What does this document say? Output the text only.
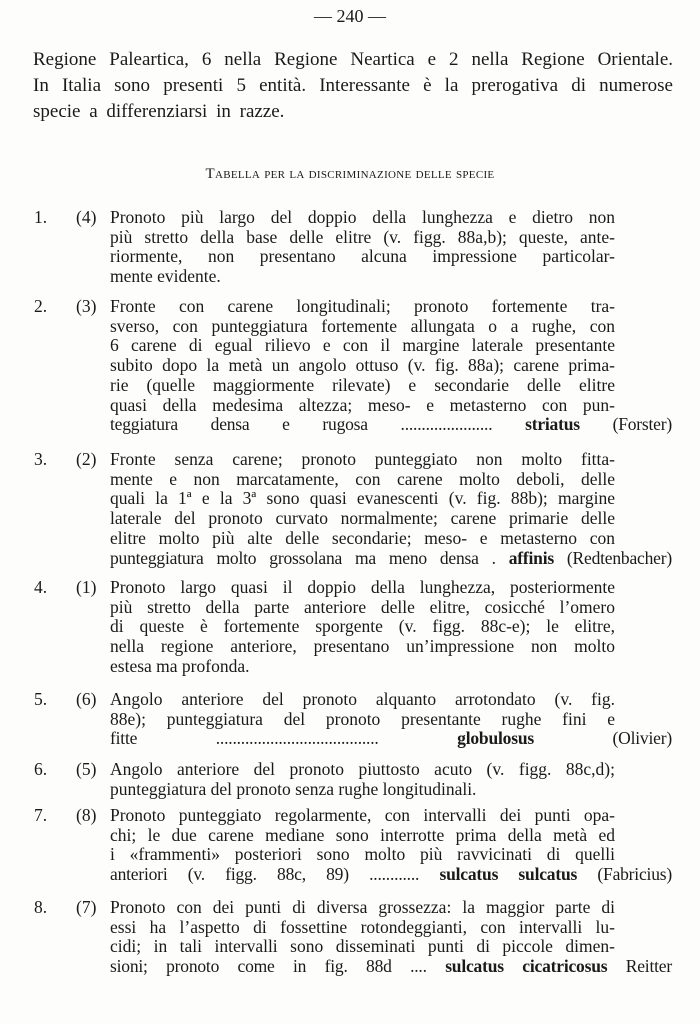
— 240 —
Regione Paleartica, 6 nella Regione Neartica e 2 nella Regione Orientale.
In Italia sono presenti 5 entità. Interessante è la prerogativa di numerose
specie a differenziarsi in razze.
Tabella per la discriminazione delle specie
1. (4) Pronoto più largo del doppio della lunghezza e dietro non
più stretto della base delle elitre (v. figg. 88a,b); queste, ante-
riormente, non presentano alcuna impressione particolar-
mente evidente.
2. (3) Fronte con carene longitudinali; pronoto fortemente tra-
sverso, con punteggiatura fortemente allungata o a rughe, con
6 carene di egual rilievo e con il margine laterale presentante
subito dopo la metà un angolo ottuso (v. fig. 88a); carene prima-
rie (quelle maggiormente rilevate) e secondarie delle elitre
quasi della medesima altezza; meso- e metasterno con pun-
teggiatura densa e rugosa ...................... striatus (Forster)
3. (2) Fronte senza carene; pronoto punteggiato non molto fitta-
mente e non marcatamente, con carene molto deboli, delle
quali la 1ª e la 3ª sono quasi evanescenti (v. fig. 88b); margine
laterale del pronoto curvato normalmente; carene primarie delle
elitre molto più alte delle secondarie; meso- e metasterno con
punteggiatura molto grossolana ma meno densa . affinis (Redtenbacher)
4. (1) Pronoto largo quasi il doppio della lunghezza, posteriormente
più stretto della parte anteriore delle elitre, cosicché l’omero
di queste è fortemente sporgente (v. figg. 88c-e); le elitre,
nella regione anteriore, presentano un’impressione non molto
estesa ma profonda.
5. (6) Angolo anteriore del pronoto alquanto arrotondato (v. fig.
88e); punteggiatura del pronoto presentante rughe fini e
fitte .......................................	globulosus	(Olivier)
6. (5) Angolo anteriore del pronoto piuttosto acuto (v. figg. 88c,d);
punteggiatura del pronoto senza rughe longitudinali.
7. (8) Pronoto punteggiato regolarmente, con intervalli dei punti opa-
chi; le due carene mediane sono interrotte prima della metà ed
i «frammenti» posteriori sono molto più ravvicinati di quelli
anteriori (v. figg. 88c, 89) ............ sulcatus sulcatus (Fabricius)
8. (7) Pronoto con dei punti di diversa grossezza: la maggior parte di
essi ha l’aspetto di fossettine rotondeggianti, con intervalli lu-
cidi; in tali intervalli sono disseminati punti di piccole dimen-
sioni; pronoto come in fig. 88d .... sulcatus cicatricosus Reitter
